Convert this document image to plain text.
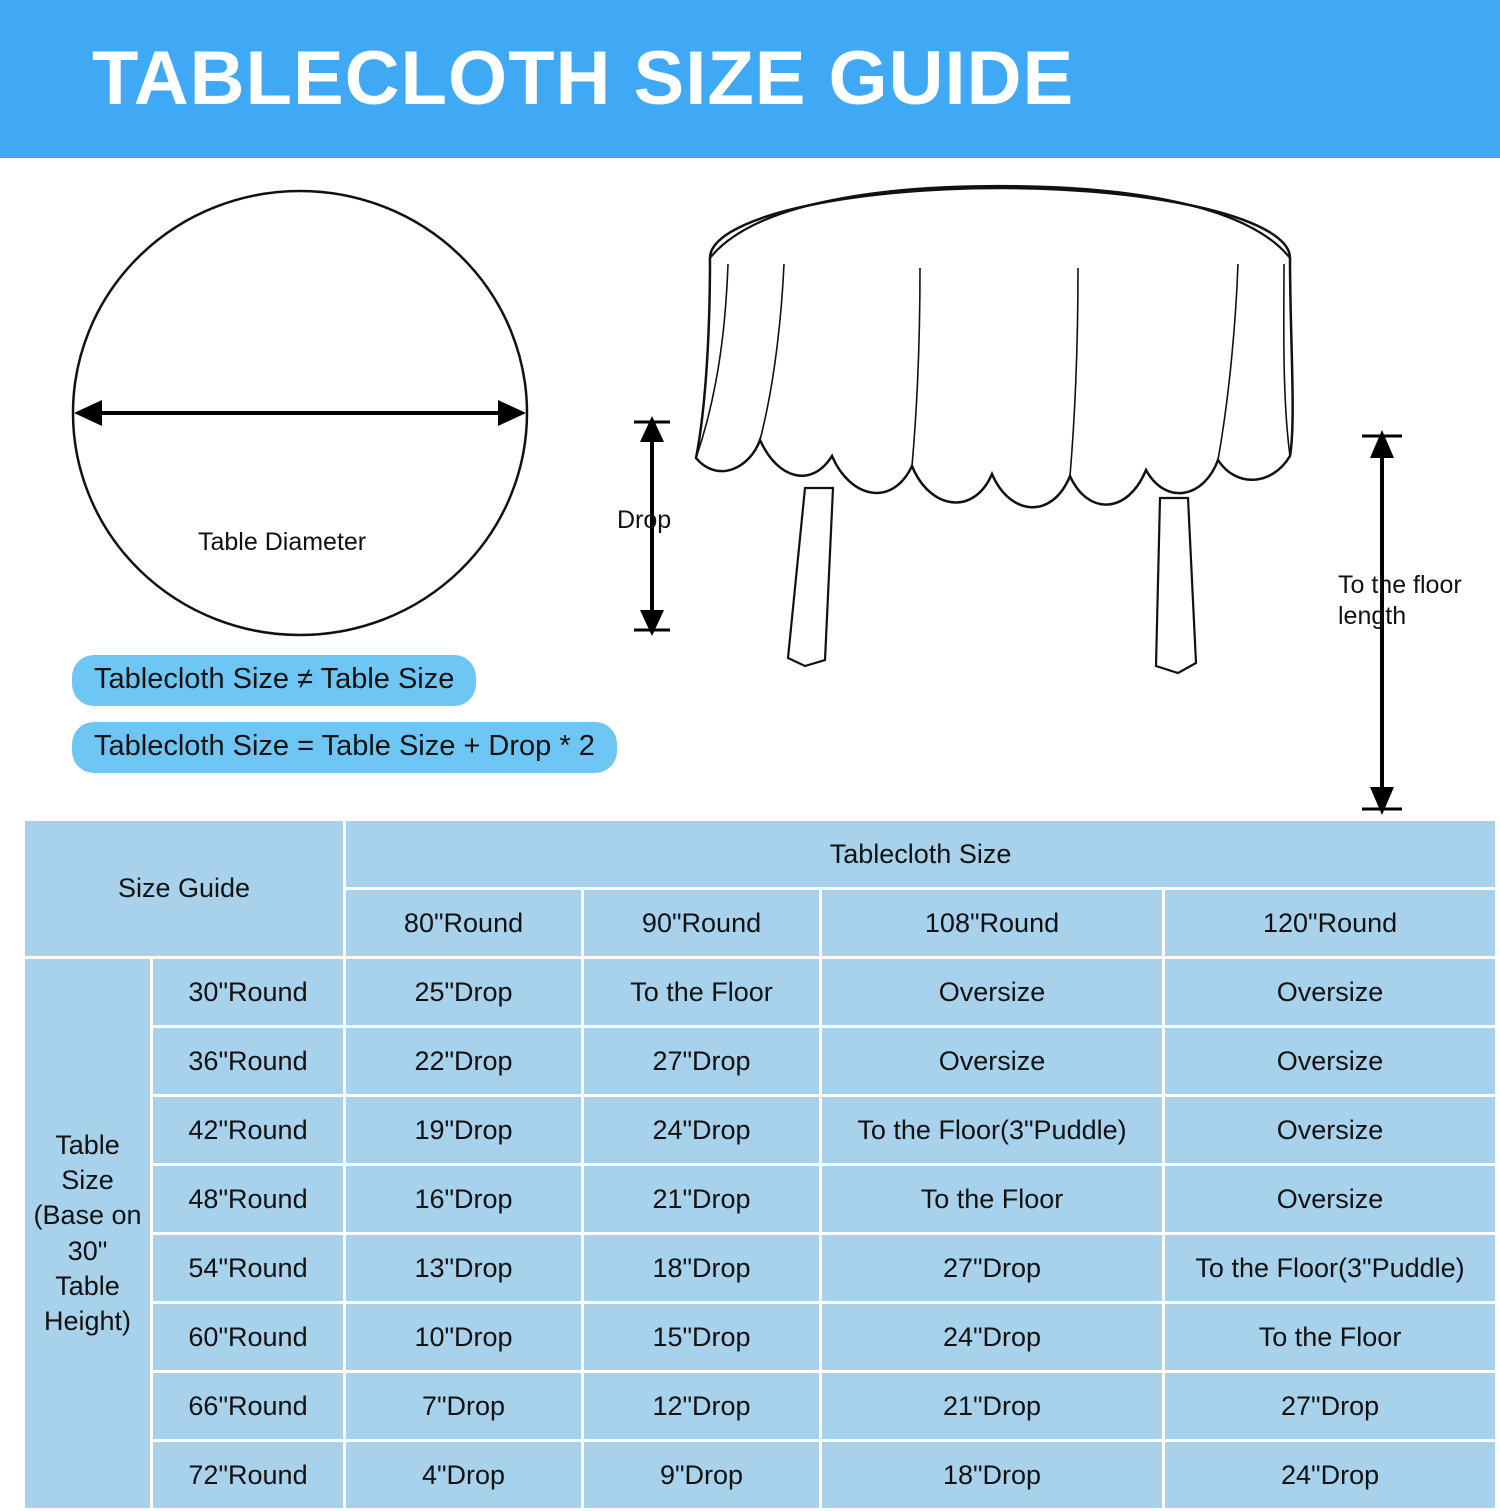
TABLECLOTH SIZE GUIDE
Table Diameter
Drop
To the floor length
Tablecloth Size ≠ Table Size
Tablecloth Size = Table Size + Drop * 2
Size Guide		Tablecloth Size			
		80"Round	90"Round	108"Round	120"Round

Table Size
(Base on 30"
Table Height)	30"Round	25"Drop	To the Floor	Oversize	Oversize
	36"Round	22"Drop	27"Drop	Oversize	Oversize
	42"Round	19"Drop	24"Drop	To the Floor(3"Puddle)	Oversize
	48"Round	16"Drop	21"Drop	To the Floor	Oversize
	54"Round	13"Drop	18"Drop	27"Drop	To the Floor(3"Puddle)
	60"Round	10"Drop	15"Drop	24"Drop	To the Floor
	66"Round	7"Drop	12"Drop	21"Drop	27"Drop
	72"Round	4"Drop	9"Drop	18"Drop	24"Drop
